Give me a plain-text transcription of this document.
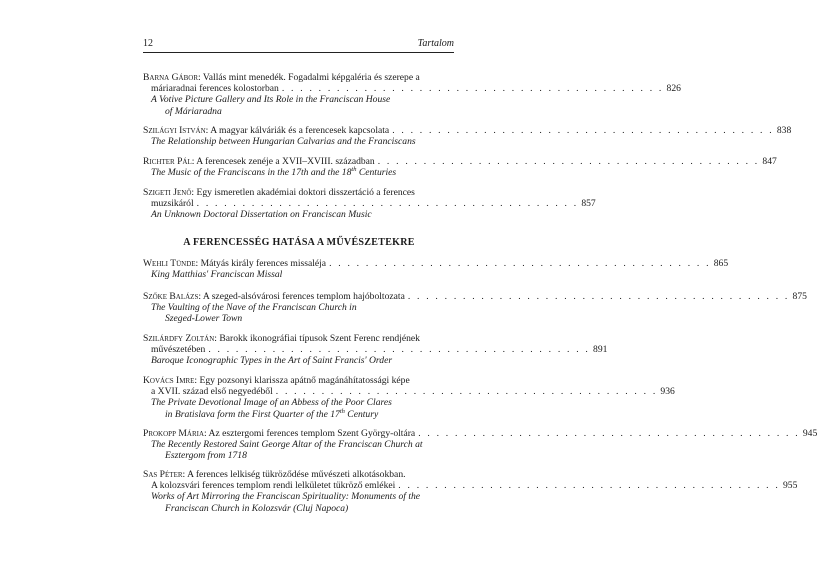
12	Tartalom
Barna Gábor: Vallás mint menedék. Fogadalmi képgaléria és szerepe a
máriaradnai ferences kolostorban . . . . . . . . . . . . . . . . . . . . . . . . . . . . . . . . . . . . . . . . . . 826
A Votive Picture Gallery and Its Role in the Franciscan House
of Máriaradna
Szilágyi István: A magyar kálváriák és a ferencesek kapcsolata . . . . . . . . . . . . . . . . . . . . . . . . . . . . . . . . . . . . . . . . . . 838
The Relationship between Hungarian Calvarias and the Franciscans
Richter Pál: A ferencesek zenéje a XVII–XVIII. században . . . . . . . . . . . . . . . . . . . . . . . . . . . . . . . . . . . . . . . . . . 847
The Music of the Franciscans in the 17th and the 18th Centuries
Szigeti Jenő: Egy ismeretlen akadémiai doktori disszertáció a ferences
muzsikáról . . . . . . . . . . . . . . . . . . . . . . . . . . . . . . . . . . . . . . . . . . 857
An Unknown Doctoral Dissertation on Franciscan Music
A FERENCESSÉG HATÁSA A MŰVÉSZETEKRE
Wehli Tünde: Mátyás király ferences missaléja . . . . . . . . . . . . . . . . . . . . . . . . . . . . . . . . . . . . . . . . . . 865
King Matthias' Franciscan Missal
Szőke Balázs: A szeged-alsóvárosi ferences templom hajóboltozata . . . . . . . . . . . . . . . . . . . . . . . . . . . . . . . . . . . . . . . . . . 875
The Vaulting of the Nave of the Franciscan Church in
Szeged-Lower Town
Szilárdfy Zoltán: Barokk ikonográfiai típusok Szent Ferenc rendjének
művészetében . . . . . . . . . . . . . . . . . . . . . . . . . . . . . . . . . . . . . . . . . . 891
Baroque Iconographic Types in the Art of Saint Francis' Order
Kovács Imre: Egy pozsonyi klarissza apátnő magánáhítatossági képe
a XVII. század első negyedéből . . . . . . . . . . . . . . . . . . . . . . . . . . . . . . . . . . . . . . . . . . 936
The Private Devotional Image of an Abbess of the Poor Clares
in Bratislava form the First Quarter of the 17th Century
Prokopp Mária: Az esztergomi ferences templom Szent György-oltára . . . . . . . . . . . . . . . . . . . . . . . . . . . . . . . . . . . . . . . . . . 945
The Recently Restored Saint George Altar of the Franciscan Church at
Esztergom from 1718
Sas Péter: A ferences lelkiség tükröződése művészeti alkotásokban.
A kolozsvári ferences templom rendi lelkületet tükröző emlékei . . . . . . . . . . . . . . . . . . . . . . . . . . . . . . . . . . . . . . . . . . 955
Works of Art Mirroring the Franciscan Spirituality: Monuments of the
Franciscan Church in Kolozsvár (Cluj Napoca)
